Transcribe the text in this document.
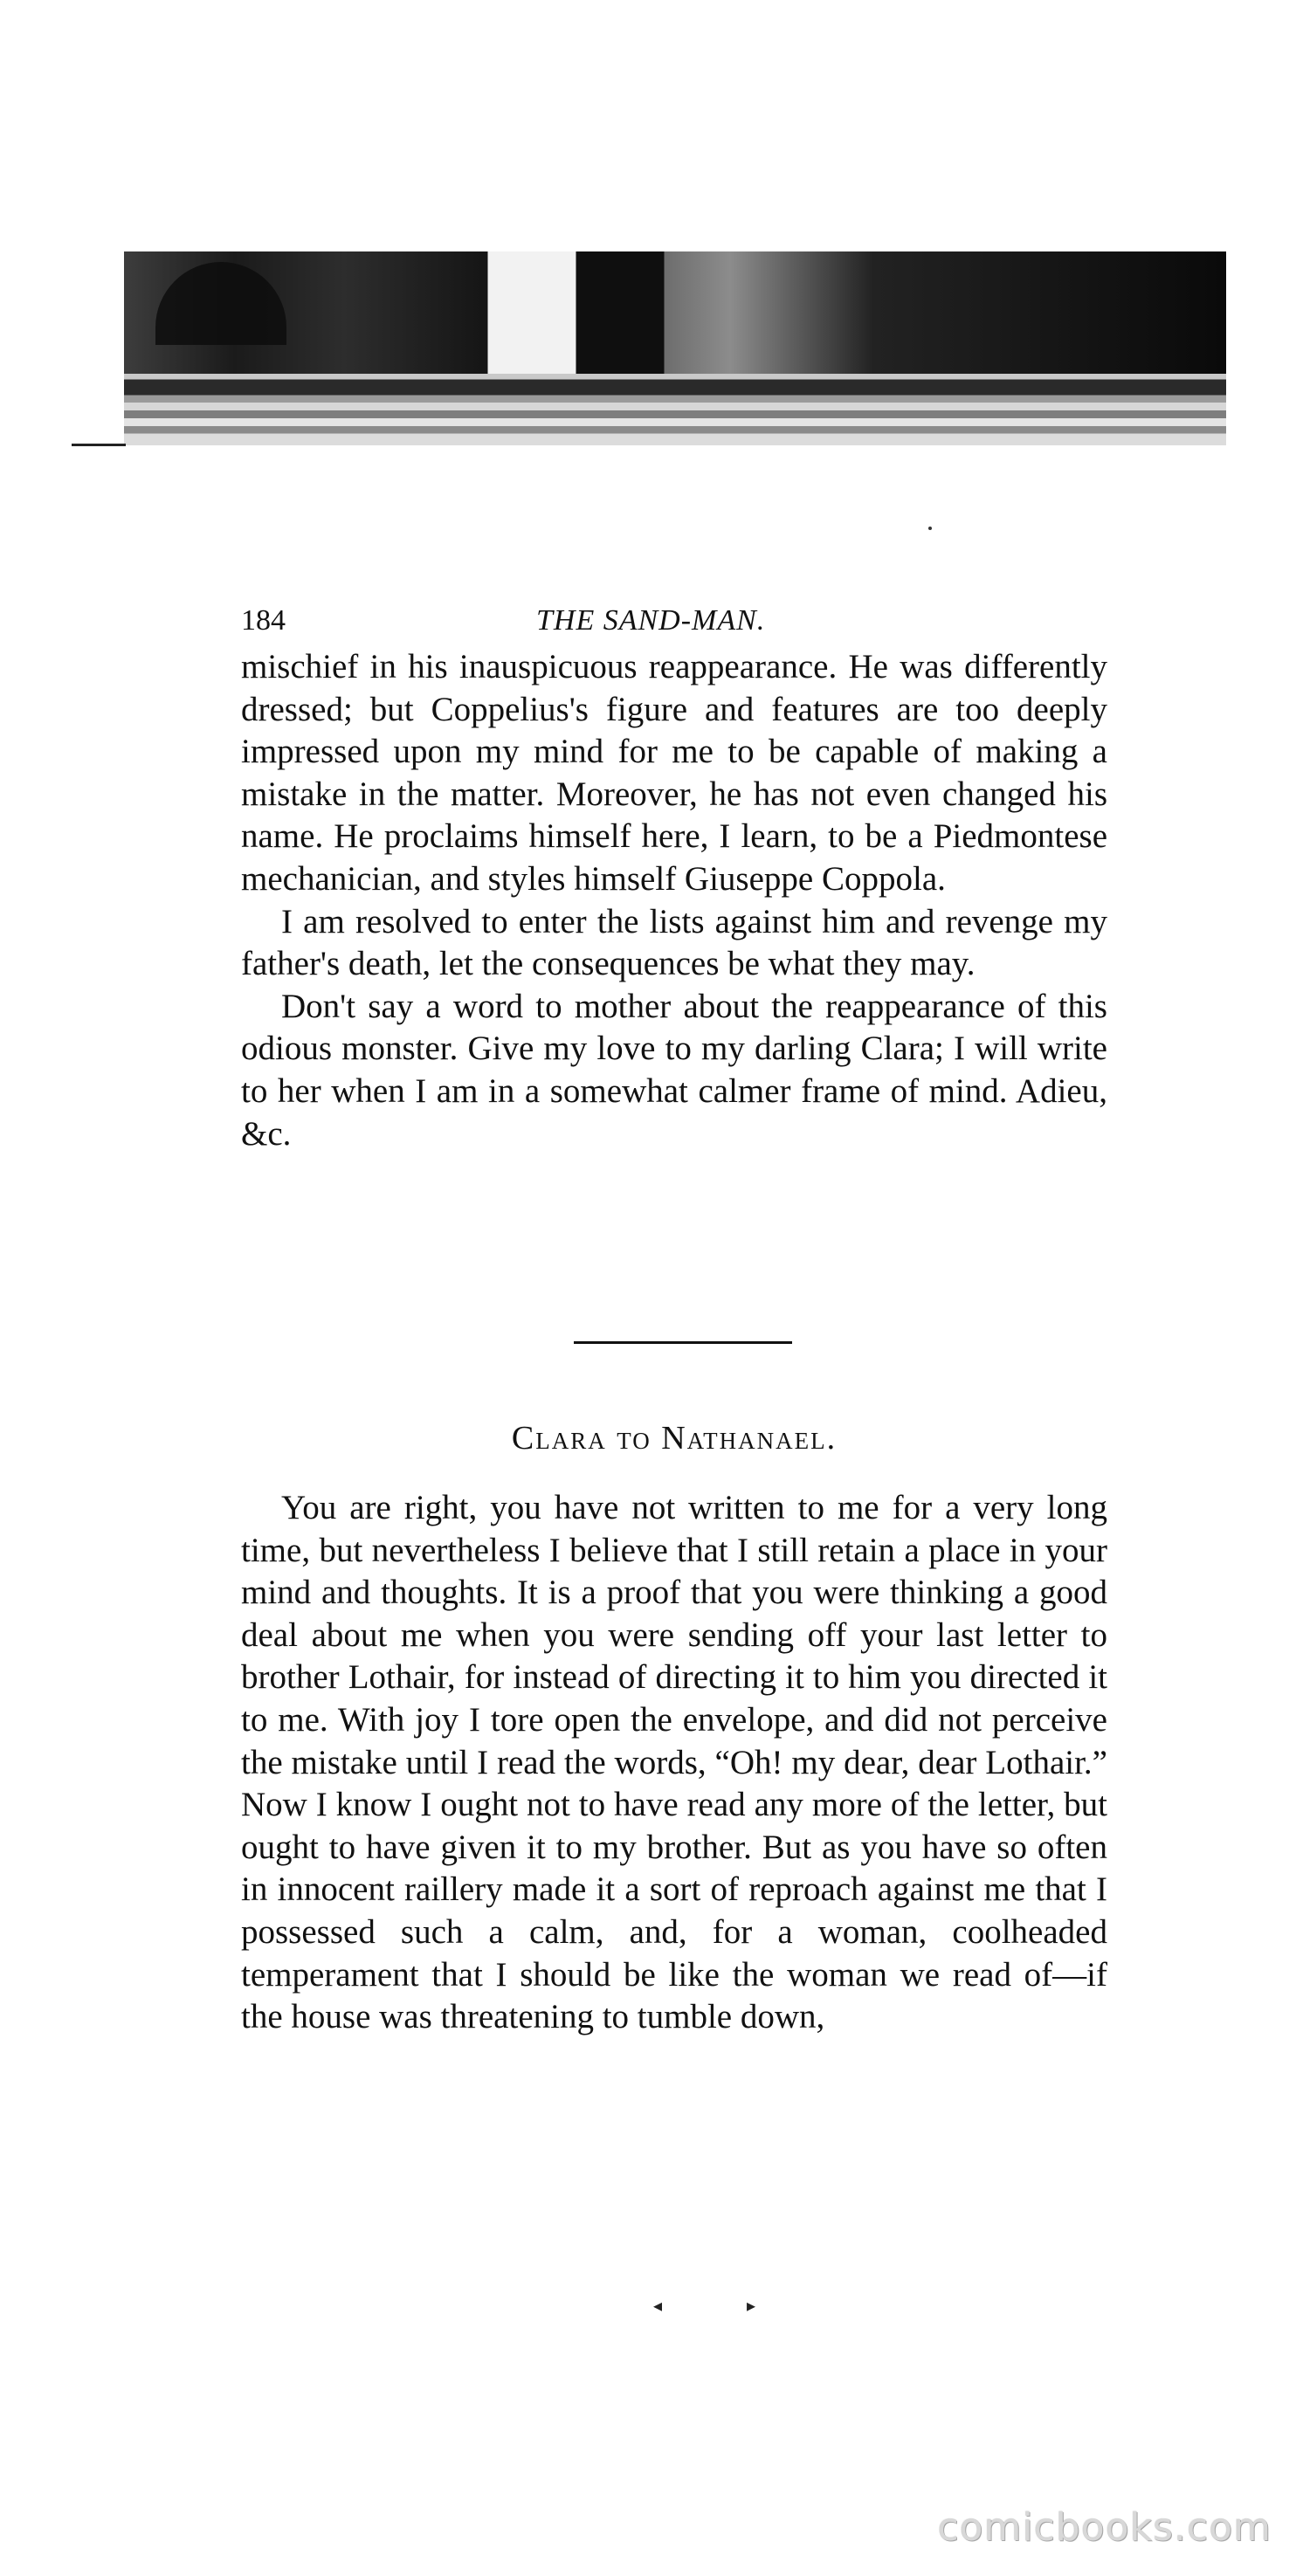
184	THE SAND-MAN.

mischief in his inauspicuous reappearance. He was differently dressed; but Coppelius's figure and features are too deeply impressed upon my mind for me to be capable of making a mistake in the matter. Moreover, he has not even changed his name. He proclaims himself here, I learn, to be a Piedmontese mechanician, and styles himself Giuseppe Coppola.

I am resolved to enter the lists against him and revenge my father's death, let the consequences be what they may.

Don't say a word to mother about the reappearance of this odious monster. Give my love to my darling Clara; I will write to her when I am in a somewhat calmer frame of mind. Adieu, &c.

Clara to Nathanael.

You are right, you have not written to me for a very long time, but nevertheless I believe that I still retain a place in your mind and thoughts. It is a proof that you were thinking a good deal about me when you were sending off your last letter to brother Lothair, for instead of directing it to him you directed it to me. With joy I tore open the envelope, and did not perceive the mistake until I read the words, “Oh! my dear, dear Lothair.” Now I know I ought not to have read any more of the letter, but ought to have given it to my brother. But as you have so often in innocent raillery made it a sort of reproach against me that I possessed such a calm, and, for a woman, coolheaded temperament that I should be like the woman we read of—if the house was threatening to tumble down,

◂	▸
comicbooks.com
